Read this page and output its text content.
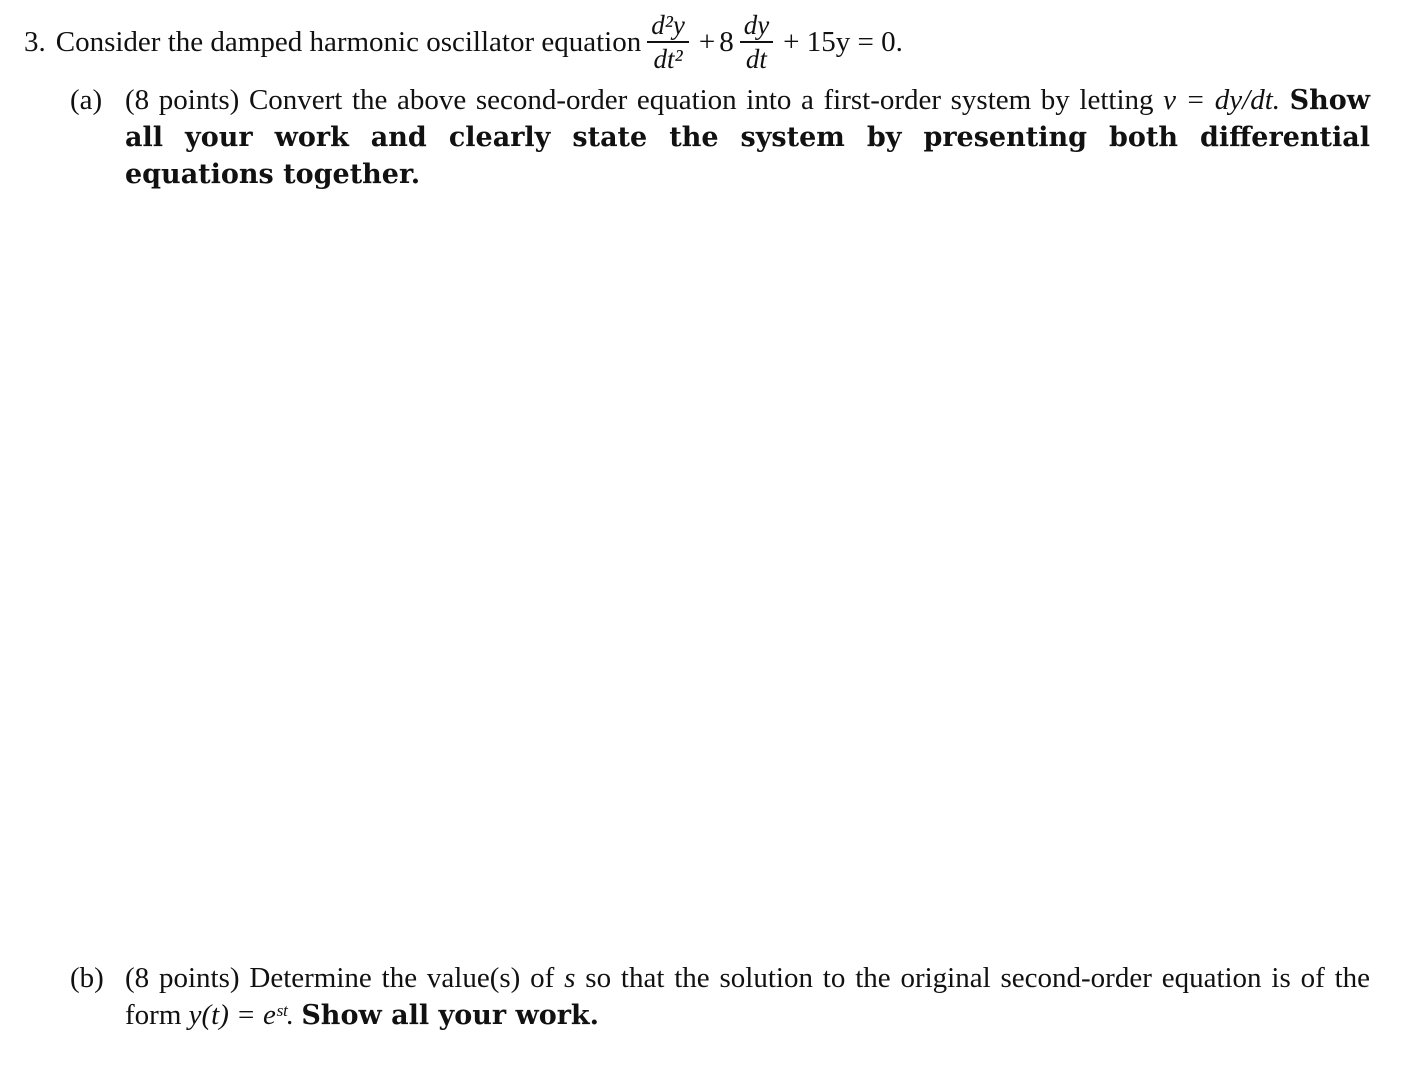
3. Consider the damped harmonic oscillator equation $\frac{\text{d²y}}{\text{dt²}} + 8 \frac{dy}{dt} + 15y = 0$.
(a) (8 points) Convert the above second-order equation into a first-order system by letting v = dy/dt. Show all your work and clearly state the system by presenting both differential equations together.
(b) (8 points) Determine the value(s) of s so that the solution to the original second-order equation is of the form y(t) = eˢᵗ. Show all your work.
